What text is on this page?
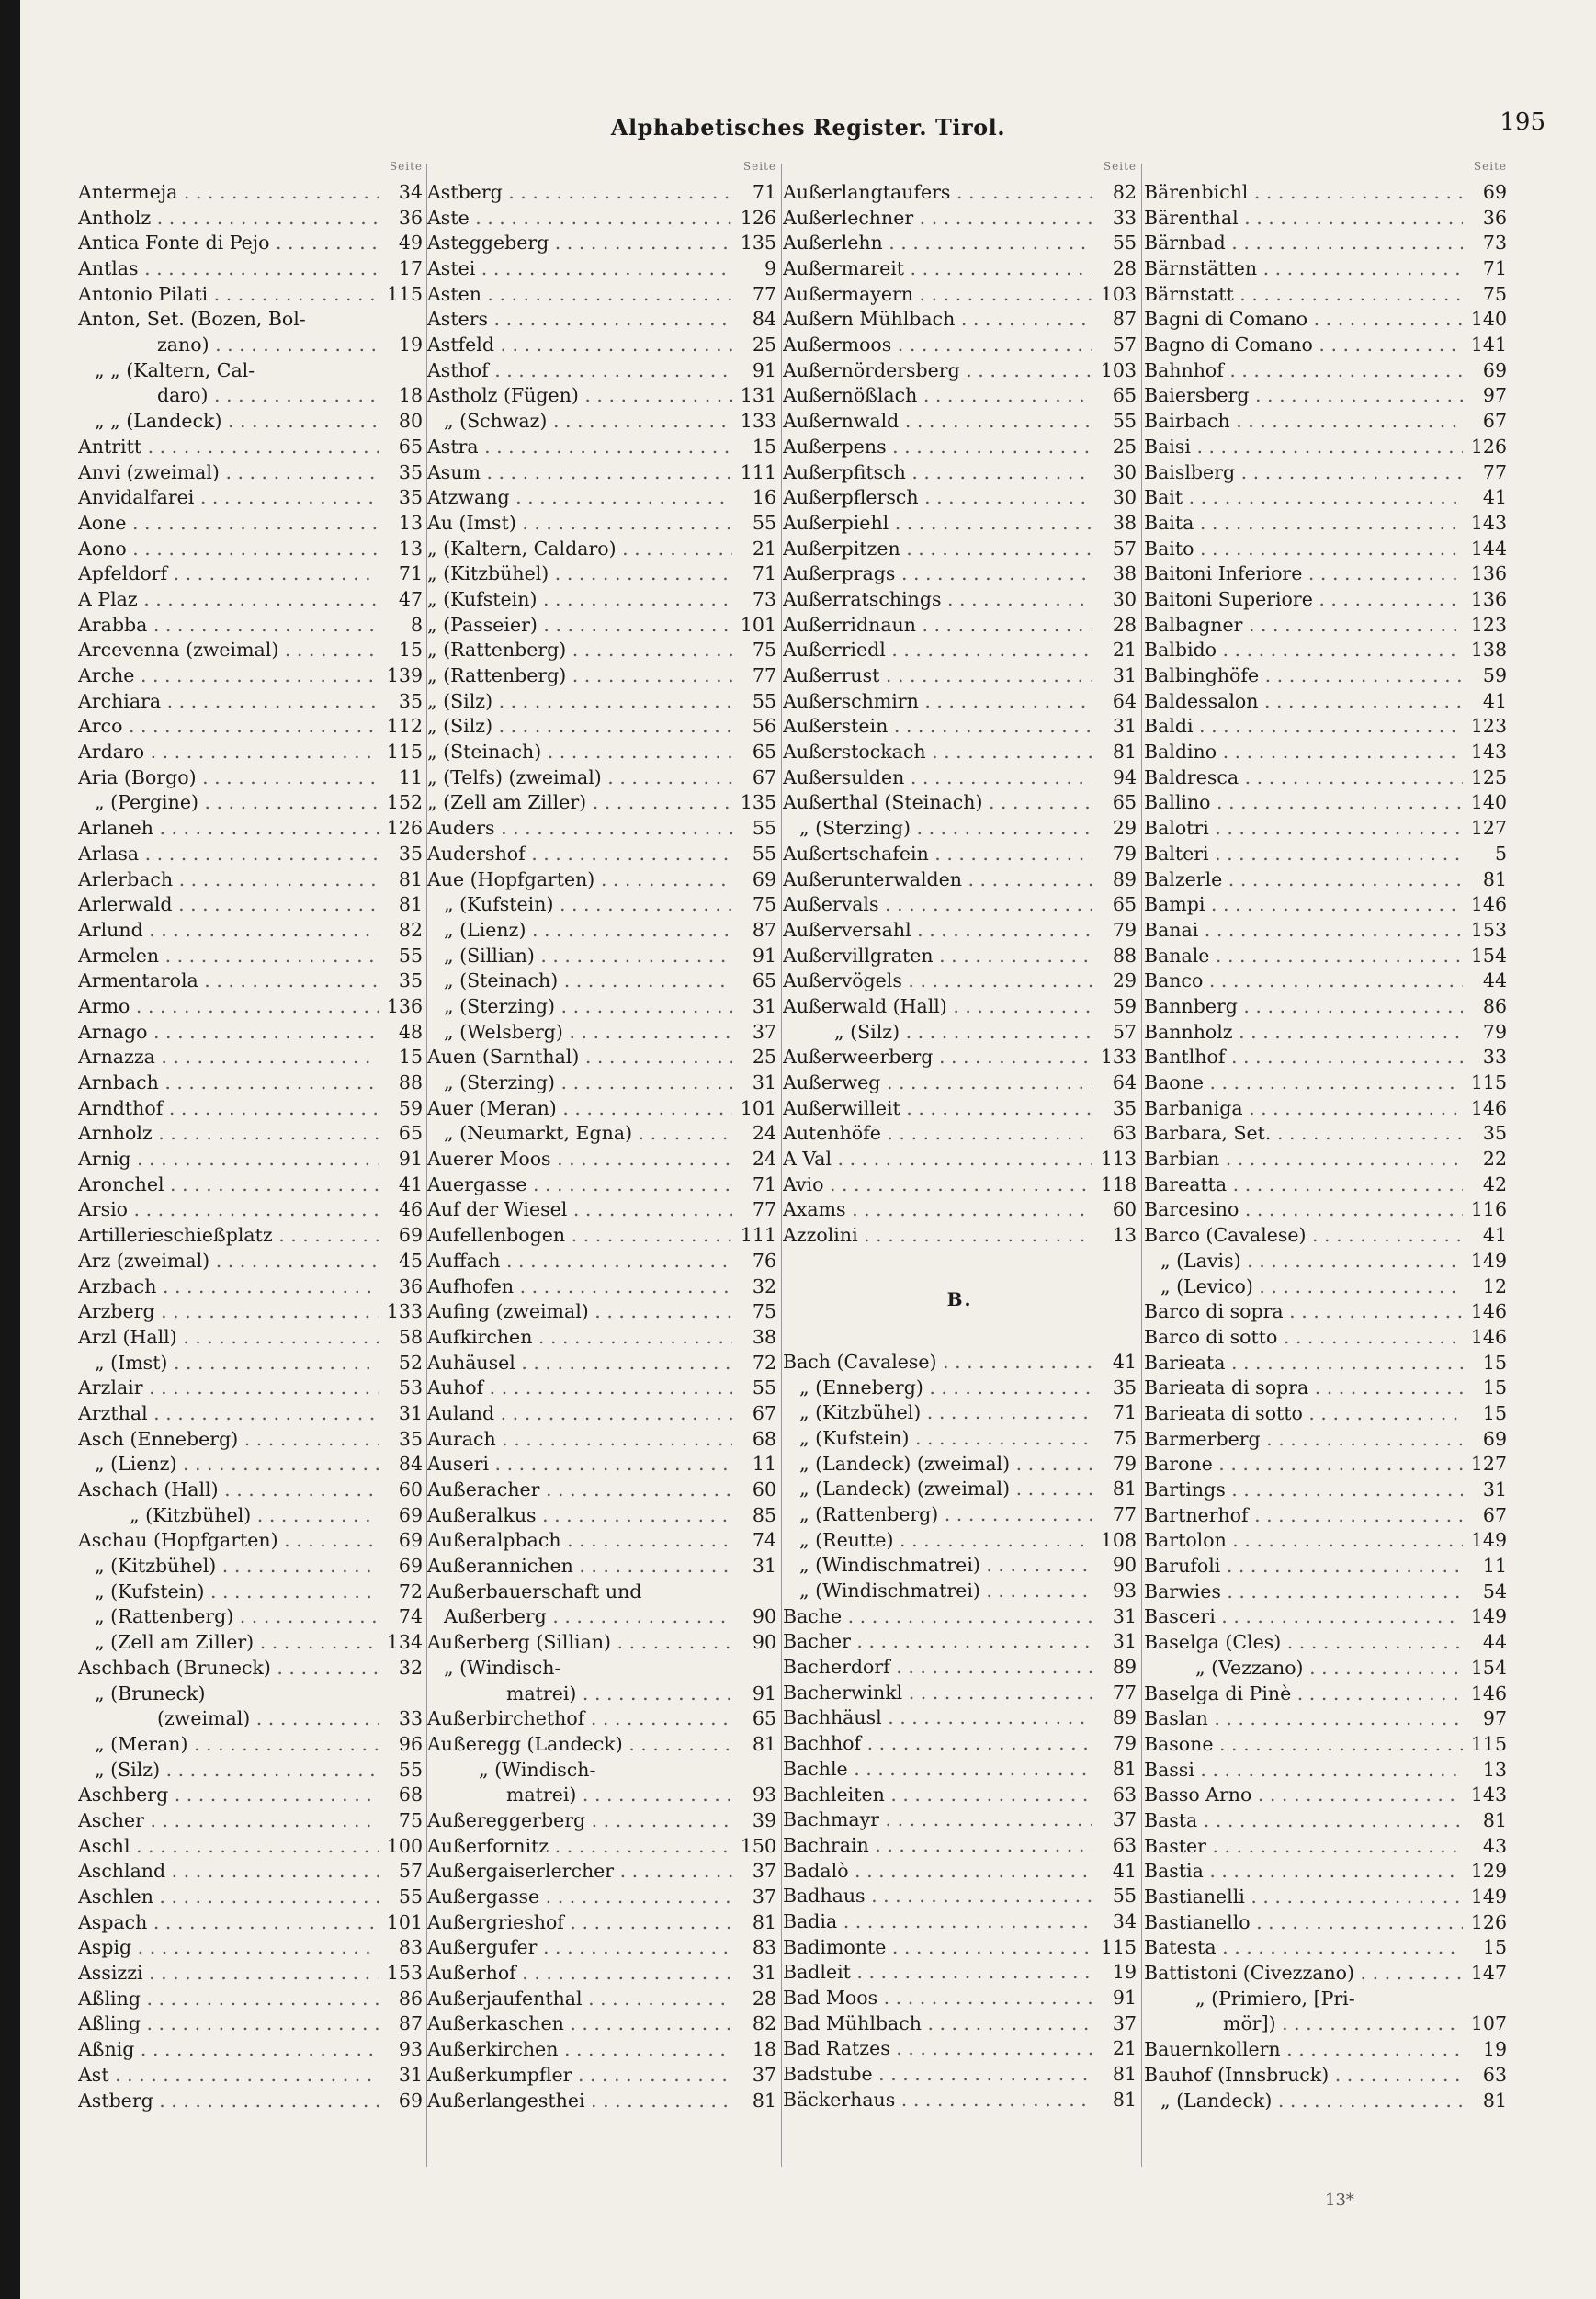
Alphabetisches Register. Tirol.	195
Seite
Antermeja . . .	34
Antholz . . .	36
Antica Fonte di Pejo . . .	49
Antlas . . .	17
Antonio Pilati . . .	115
Anton, Set. (Bozen, Bol-
zano) . . .	19
„ „ (Kaltern, Cal-
daro) . . .	18
„ „ (Landeck) . . .	80
Antritt . . .	65
Anvi (zweimal) . . .	35
Anvidalfarei . . .	35
Aone . . .	13
Aono . . .	13
Apfeldorf . . .	71
A Plaz . . .	47
Arabba . . .	8
Arcevenna (zweimal) . . .	15
Arche . . .	139
Archiara . . .	35
Arco . . .	112
Ardaro . . .	115
Aria (Borgo) . . .	11
„ (Pergine) . . .	152
Arlaneh . . .	126
Arlasa . . .	35
Arlerbach . . .	81
Arlerwald . . .	81
Arlund . . .	82
Armelen . . .	55
Armentarola . . .	35
Armo . . .	136
Arnago . . .	48
Arnazza . . .	15
Arnbach . . .	88
Arndthof . . .	59
Arnholz . . .	65
Arnig . . .	91
Aronchel . . .	41
Arsio . . .	46
Artillerieschießplatz . . .	69
Arz (zweimal) . . .	45
Arzbach . . .	36
Arzberg . . .	133
Arzl (Hall) . . .	58
„ (Imst) . . .	52
Arzlair . . .	53
Arzthal . . .	31
Asch (Enneberg) . . .	35
„ (Lienz) . . .	84
Aschach (Hall) . . .	60
„ (Kitzbühel) . . .	69
Aschau (Hopfgarten) . . .	69
„ (Kitzbühel) . . .	69
„ (Kufstein) . . .	72
„ (Rattenberg) . . .	74
„ (Zell am Ziller) . . .	134
Aschbach (Bruneck) . . .	32
„ (Bruneck)
(zweimal) . . .	33
„ (Meran) . . .	96
„ (Silz) . . .	55
Aschberg . . .	68
Ascher . . .	75
Aschl . . .	100
Aschland . . .	57
Aschlen . . .	55
Aspach . . .	101
Aspig . . .	83
Assizzi . . .	153
Aßling . . .	86
Aßling . . .	87
Aßnig . . .	93
Ast . . .	31
Astberg . . .	69
Seite
Astberg . . .	71
Aste . . .	126
Asteggeberg . . .	135
Astei . . .	9
Asten . . .	77
Asters . . .	84
Astfeld . . .	25
Asthof . . .	91
Astholz (Fügen) . . .	131
„ (Schwaz) . . .	133
Astra . . .	15
Asum . . .	111
Atzwang . . .	16
Au (Imst) . . .	55
„ (Kaltern, Caldaro) . . .	21
„ (Kitzbühel) . . .	71
„ (Kufstein) . . .	73
„ (Passeier) . . .	101
„ (Rattenberg) . . .	75
„ (Rattenberg) . . .	77
„ (Silz) . . .	55
„ (Silz) . . .	56
„ (Steinach) . . .	65
„ (Telfs) (zweimal) . . .	67
„ (Zell am Ziller) . . .	135
Auders . . .	55
Audershof . . .	55
Aue (Hopfgarten) . . .	69
„ (Kufstein) . . .	75
„ (Lienz) . . .	87
„ (Sillian) . . .	91
„ (Steinach) . . .	65
„ (Sterzing) . . .	31
„ (Welsberg) . . .	37
Auen (Sarnthal) . . .	25
„ (Sterzing) . . .	31
Auer (Meran) . . .	101
„ (Neumarkt, Egna) . . .	24
Auerer Moos . . .	24
Auergasse . . .	71
Auf der Wiesel . . .	77
Aufellenbogen . . .	111
Auffach . . .	76
Aufhofen . . .	32
Aufing (zweimal) . . .	75
Aufkirchen . . .	38
Auhäusel . . .	72
Auhof . . .	55
Auland . . .	67
Aurach . . .	68
Auseri . . .	11
Außeracher . . .	60
Außeralkus . . .	85
Außeralpbach . . .	74
Außerannichen . . .	31
Außerbauerschaft und
Außerberg . . .	90
Außerberg (Sillian) . . .	90
„ (Windisch-
matrei) . . .	91
Außerbirchethof . . .	65
Außeregg (Landeck) . . .	81
„ (Windisch-
matrei) . . .	93
Außereggerberg . . .	39
Außerfornitz . . .	150
Außergaiserlercher . . .	37
Außergasse . . .	37
Außergrieshof . . .	81
Außergufer . . .	83
Außerhof . . .	31
Außerjaufenthal . . .	28
Außerkaschen . . .	82
Außerkirchen . . .	18
Außerkumpfler . . .	37
Außerlangesthei . . .	81
Seite
Außerlangtaufers . . .	82
Außerlechner . . .	33
Außerlehn . . .	55
Außermareit . . .	28
Außermayern . . .	103
Außern Mühlbach . . .	87
Außermoos . . .	57
Außernördersberg . . .	103
Außernößlach . . .	65
Außernwald . . .	55
Außerpens . . .	25
Außerpfitsch . . .	30
Außerpflersch . . .	30
Außerpiehl . . .	38
Außerpitzen . . .	57
Außerprags . . .	38
Außerratschings . . .	30
Außerridnaun . . .	28
Außerriedl . . .	21
Außerrust . . .	31
Außerschmirn . . .	64
Außerstein . . .	31
Außerstockach . . .	81
Außersulden . . .	94
Außerthal (Steinach) . . .	65
„ (Sterzing) . . .	29
Außertschafein . . .	79
Außerunterwalden . . .	89
Außervals . . .	65
Außerversahl . . .	79
Außervillgraten . . .	88
Außervögels . . .	29
Außerwald (Hall) . . .	59
„ (Silz) . . .	57
Außerweerberg . . .	133
Außerweg . . .	64
Außerwilleit . . .	35
Autenhöfe . . .	63
A Val . . .	113
Avio . . .	118
Axams . . .	60
Azzolini . . .	13
B.
Bach (Cavalese) . . .	41
„ (Enneberg) . . .	35
„ (Kitzbühel) . . .	71
„ (Kufstein) . . .	75
„ (Landeck) (zweimal) . . .	79
„ (Landeck) (zweimal) . . .	81
„ (Rattenberg) . . .	77
„ (Reutte) . . .	108
„ (Windischmatrei) . . .	90
„ (Windischmatrei) . . .	93
Bache . . .	31
Bacher . . .	31
Bacherdorf . . .	89
Bacherwinkl . . .	77
Bachhäusl . . .	89
Bachhof . . .	79
Bachle . . .	81
Bachleiten . . .	63
Bachmayr . . .	37
Bachrain . . .	63
Badalò . . .	41
Badhaus . . .	55
Badia . . .	34
Badimonte . . .	115
Badleit . . .	19
Bad Moos . . .	91
Bad Mühlbach . . .	37
Bad Ratzes . . .	21
Badstube . . .	81
Bäckerhaus . . .	81
Seite
Bärenbichl . . .	69
Bärenthal . . .	36
Bärnbad . . .	73
Bärnstätten . . .	71
Bärnstatt . . .	75
Bagni di Comano . . .	140
Bagno di Comano . . .	141
Bahnhof . . .	69
Baiersberg . . .	97
Bairbach . . .	67
Baisi . . .	126
Baislberg . . .	77
Bait . . .	41
Baita . . .	143
Baito . . .	144
Baitoni Inferiore . . .	136
Baitoni Superiore . . .	136
Balbagner . . .	123
Balbido . . .	138
Balbinghöfe . . .	59
Baldessalon . . .	41
Baldi . . .	123
Baldino . . .	143
Baldresca . . .	125
Ballino . . .	140
Balotri . . .	127
Balteri . . .	5
Balzerle . . .	81
Bampi . . .	146
Banai . . .	153
Banale . . .	154
Banco . . .	44
Bannberg . . .	86
Bannholz . . .	79
Bantlhof . . .	33
Baone . . .	115
Barbaniga . . .	146
Barbara, Set. . . .	35
Barbian . . .	22
Bareatta . . .	42
Barcesino . . .	116
Barco (Cavalese) . . .	41
„ (Lavis) . . .	149
„ (Levico) . . .	12
Barco di sopra . . .	146
Barco di sotto . . .	146
Barieata . . .	15
Barieata di sopra . . .	15
Barieata di sotto . . .	15
Barmerberg . . .	69
Barone . . .	127
Bartings . . .	31
Bartnerhof . . .	67
Bartolon . . .	149
Barufoli . . .	11
Barwies . . .	54
Basceri . . .	149
Baselga (Cles) . . .	44
„ (Vezzano) . . .	154
Baselga di Pinè . . .	146
Baslan . . .	97
Basone . . .	115
Bassi . . .	13
Basso Arno . . .	143
Basta . . .	81
Baster . . .	43
Bastia . . .	129
Bastianelli . . .	149
Bastianello . . .	126
Batesta . . .	15
Battistoni (Civezzano) . . .	147
„ (Primiero, [Pri-
mör]) . . .	107
Bauernkollern . . .	19
Bauhof (Innsbruck) . . .	63
„ (Landeck) . . .	81
13*
